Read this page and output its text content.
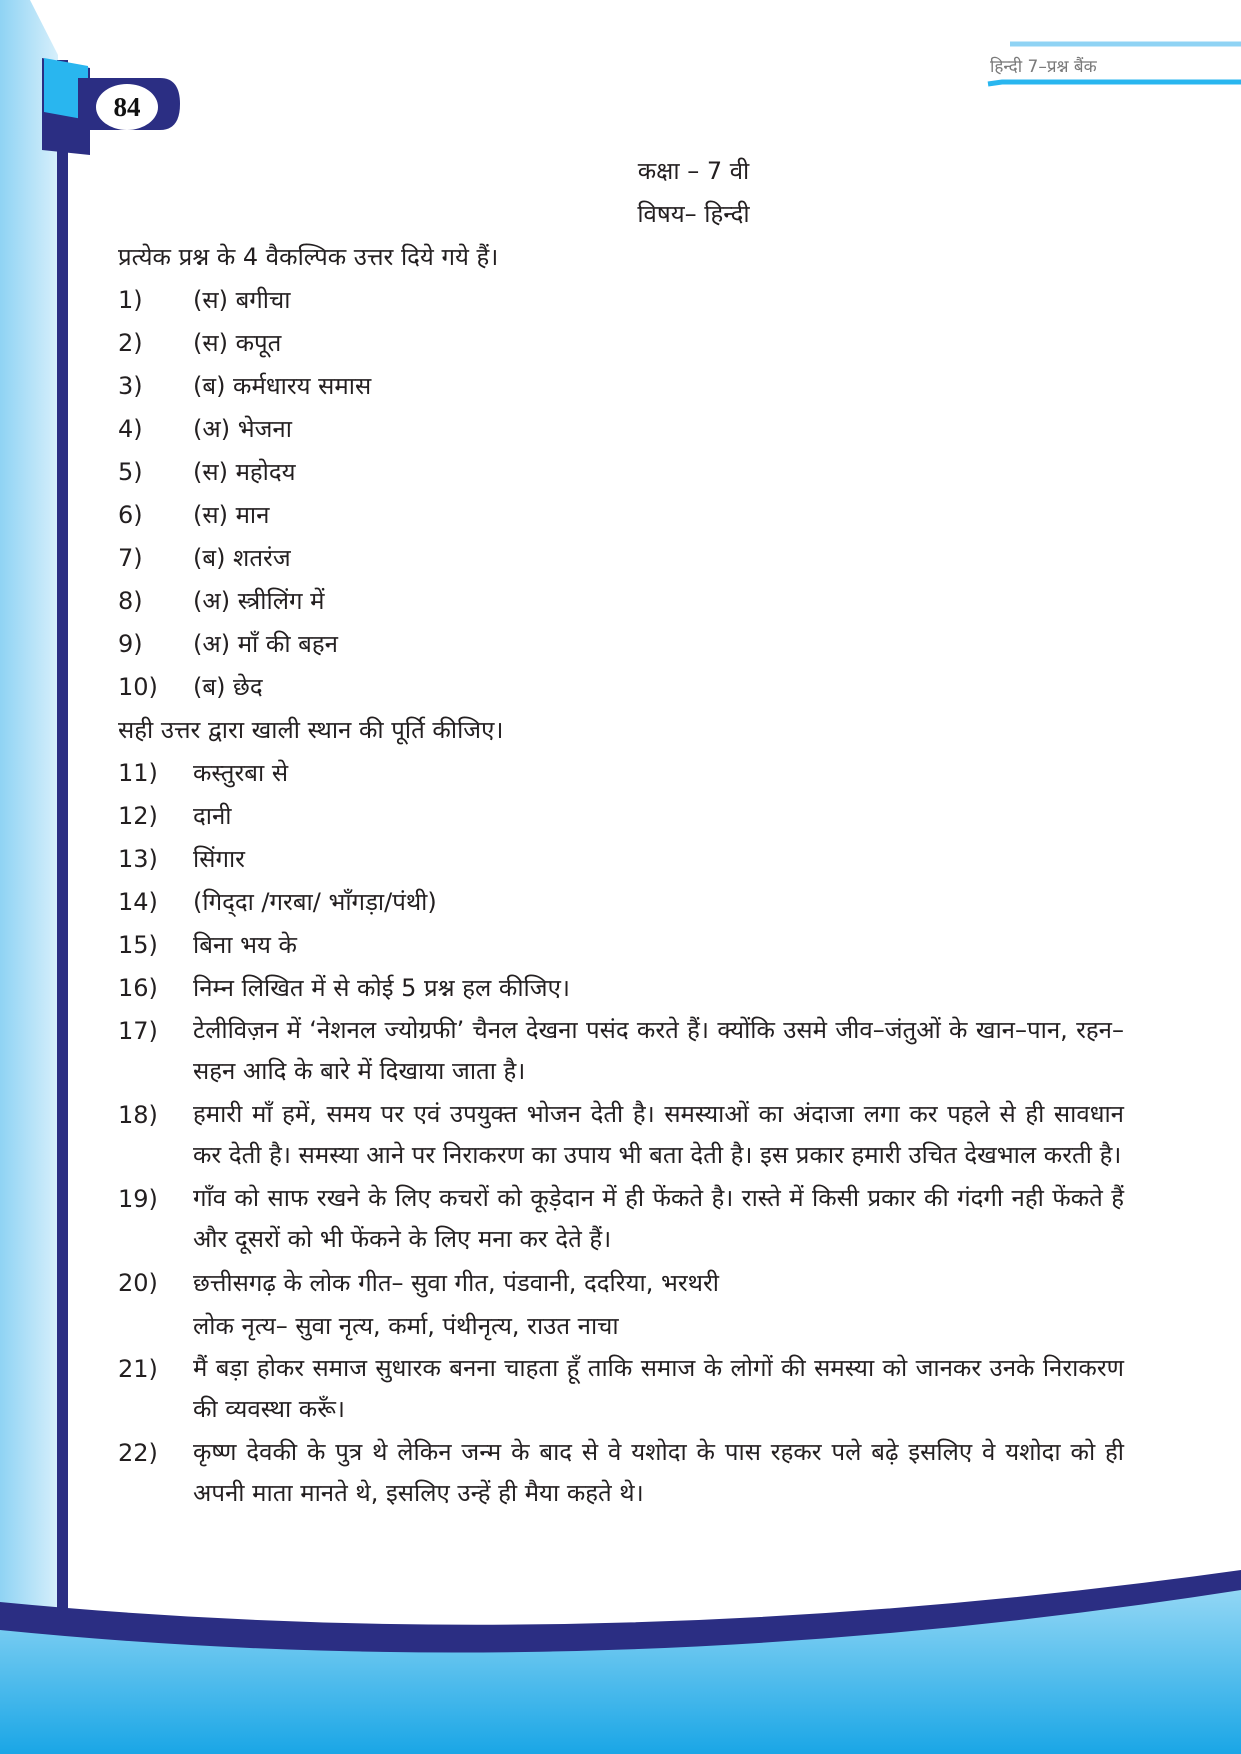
84
हिन्दी 7–प्रश्न बैंक
कक्षा – 7 वी
विषय– हिन्दी

प्रत्येक प्रश्न के 4 वैकल्पिक उत्तर दिये गये हैं।

1)	(स) बगीचा
2)	(स) कपूत
3)	(ब) कर्मधारय समास
4)	(अ) भेजना
5)	(स) महोदय
6)	(स) मान
7)	(ब) शतरंज
8)	(अ) स्त्रीलिंग में
9)	(अ) माँ की बहन
10)	(ब) छेद

सही उत्तर द्वारा खाली स्थान की पूर्ति कीजिए।

11)	कस्तुरबा से
12)	दानी
13)	सिंगार
14)	(गिद्‌दा /गरबा/ भाँगड़ा/पंथी)
15)	बिना भय के
16)	निम्न लिखित में से कोई 5 प्रश्न हल कीजिए।
17)	टेलीविज़न में ‘नेशनल ज्योग्रफी’ चैनल देखना पसंद करते हैं। क्योंकि उसमे जीव–जंतुओं के खान–पान, रहन–सहन आदि के बारे में दिखाया जाता है।
18)	हमारी माँ हमें, समय पर एवं उपयुक्त भोजन देती है। समस्याओं का अंदाजा लगा कर पहले से ही सावधान कर देती है। समस्या आने पर निराकरण का उपाय भी बता देती है। इस प्रकार हमारी उचित देखभाल करती है।
19)	गाँव को साफ रखने के लिए कचरों को कूड़ेदान में ही फेंकते है। रास्ते में किसी प्रकार की गंदगी नही फेंकते हैं और दूसरों को भी फेंकने के लिए मना कर देते हैं।
20)	छत्तीसगढ़ के लोक गीत– सुवा गीत, पंडवानी, ददरिया, भरथरी
लोक नृत्य– सुवा नृत्य, कर्मा, पंथीनृत्य, राउत नाचा
21)	मैं बड़ा होकर समाज सुधारक बनना चाहता हूँ ताकि समाज के लोगों की समस्या को जानकर उनके निराकरण की व्यवस्था करूँ।
22)	कृष्ण देवकी के पुत्र थे लेकिन जन्म के बाद से वे यशोदा के पास रहकर पले बढ़े इसलिए वे यशोदा को ही अपनी माता मानते थे, इसलिए उन्हें ही मैया कहते थे।
